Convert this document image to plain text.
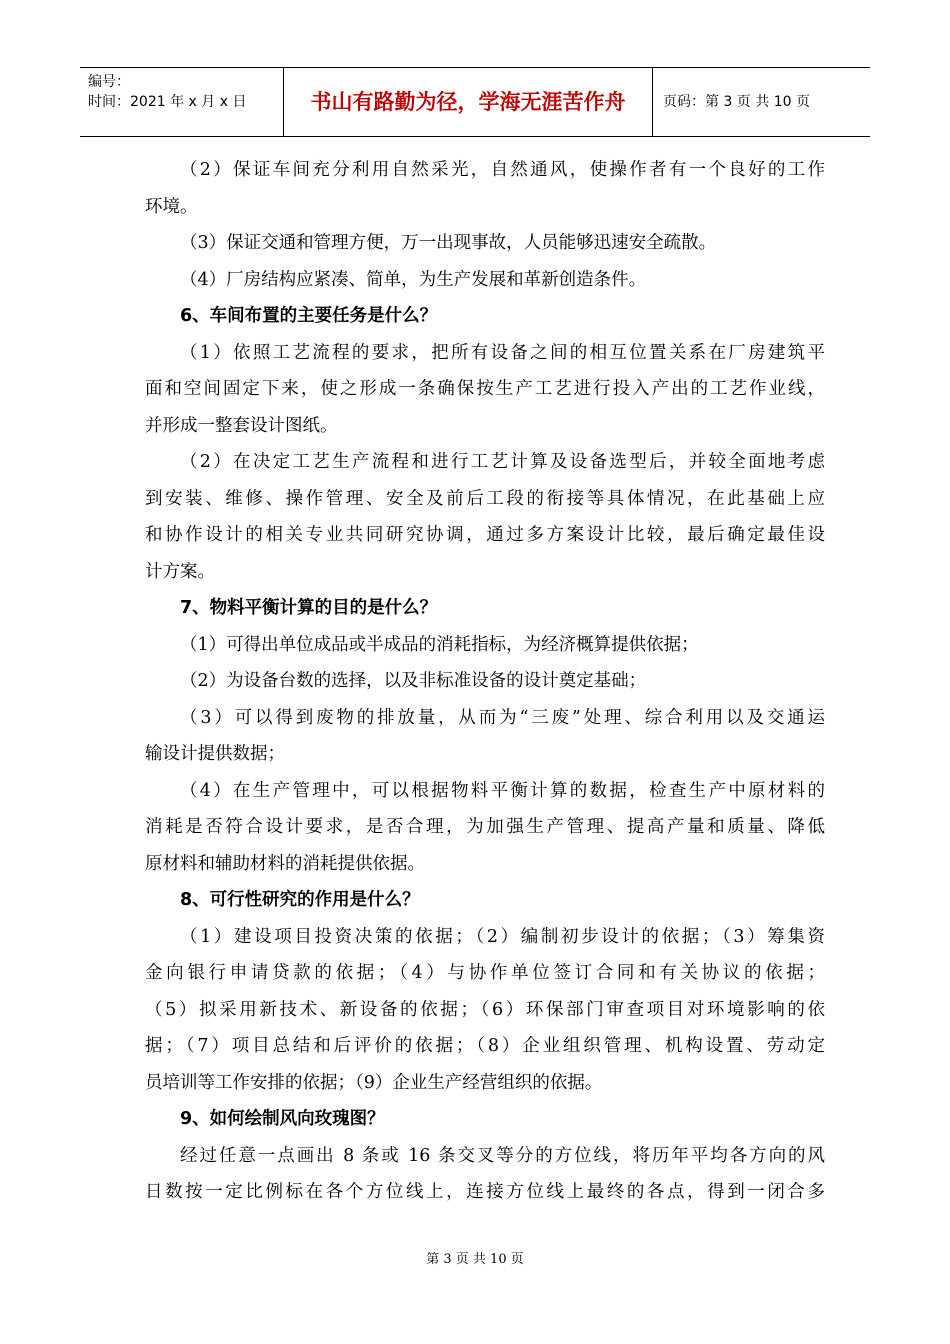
编号：
时间：2021 年 x 月 x 日	书山有路勤为径，学海无涯苦作舟	页码：第 3 页 共 10 页
（2）保证车间充分利用自然采光，自然通风，使操作者有一个良好的工作
环境。
（3）保证交通和管理方便，万一出现事故，人员能够迅速安全疏散。
（4）厂房结构应紧凑、简单，为生产发展和革新创造条件。
6、车间布置的主要任务是什么？
（1）依照工艺流程的要求，把所有设备之间的相互位置关系在厂房建筑平
面和空间固定下来，使之形成一条确保按生产工艺进行投入产出的工艺作业线，
并形成一整套设计图纸。
（2）在决定工艺生产流程和进行工艺计算及设备选型后，并较全面地考虑
到安装、维修、操作管理、安全及前后工段的衔接等具体情况，在此基础上应
和协作设计的相关专业共同研究协调，通过多方案设计比较，最后确定最佳设
计方案。
7、物料平衡计算的目的是什么？
（1）可得出单位成品或半成品的消耗指标，为经济概算提供依据；
（2）为设备台数的选择，以及非标准设备的设计奠定基础；
（3）可以得到废物的排放量，从而为“三废”处理、综合利用以及交通运
输设计提供数据；
（4）在生产管理中，可以根据物料平衡计算的数据，检查生产中原材料的
消耗是否符合设计要求，是否合理，为加强生产管理、提高产量和质量、降低
原材料和辅助材料的消耗提供依据。
8、可行性研究的作用是什么？
（1）建设项目投资决策的依据；（2）编制初步设计的依据；（3）筹集资
金向银行申请贷款的依据；（4）与协作单位签订合同和有关协议的依据；
（5）拟采用新技术、新设备的依据；（6）环保部门审查项目对环境影响的依
据；（7）项目总结和后评价的依据；（8）企业组织管理、机构设置、劳动定
员培训等工作安排的依据；（9）企业生产经营组织的依据。
9、如何绘制风向玫瑰图？
经过任意一点画出 8 条或 16 条交叉等分的方位线，将历年平均各方向的风
日数按一定比例标在各个方位线上，连接方位线上最终的各点，得到一闭合多
第 3 页 共 10 页
